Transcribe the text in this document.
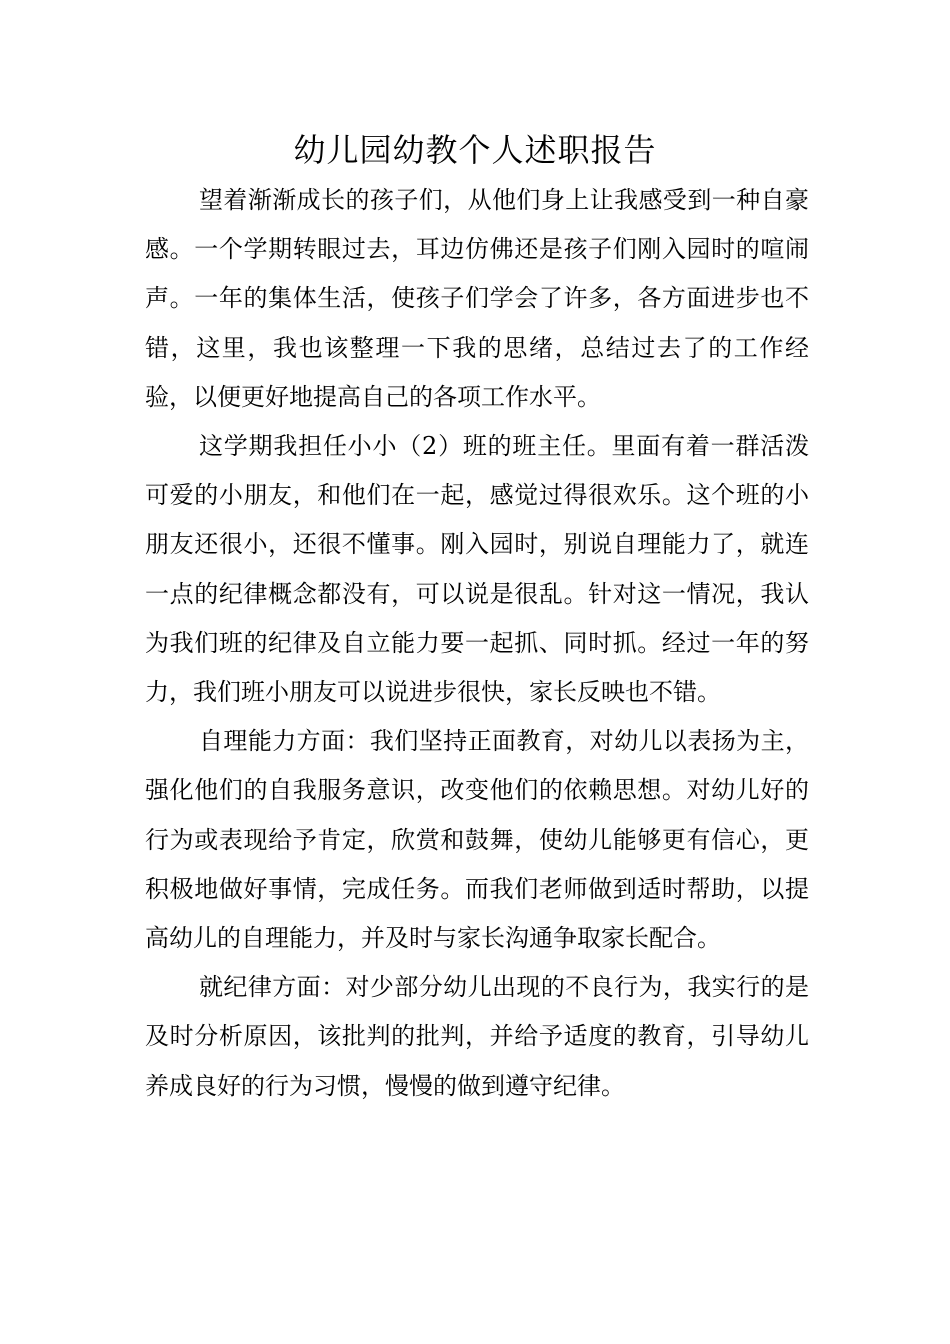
幼儿园幼教个人述职报告

望着渐渐成长的孩子们，从他们身上让我感受到一种自豪感。一个学期转眼过去，耳边仿佛还是孩子们刚入园时的喧闹声。一年的集体生活，使孩子们学会了许多，各方面进步也不错，这里，我也该整理一下我的思绪，总结过去了的工作经验，以便更好地提高自己的各项工作水平。

这学期我担任小小（2）班的班主任。里面有着一群活泼可爱的小朋友，和他们在一起，感觉过得很欢乐。这个班的小朋友还很小，还很不懂事。刚入园时，别说自理能力了，就连一点的纪律概念都没有，可以说是很乱。针对这一情况，我认为我们班的纪律及自立能力要一起抓、同时抓。经过一年的努力，我们班小朋友可以说进步很快，家长反映也不错。

自理能力方面：我们坚持正面教育，对幼儿以表扬为主，强化他们的自我服务意识，改变他们的依赖思想。对幼儿好的行为或表现给予肯定，欣赏和鼓舞，使幼儿能够更有信心，更积极地做好事情，完成任务。而我们老师做到适时帮助，以提高幼儿的自理能力，并及时与家长沟通争取家长配合。

就纪律方面：对少部分幼儿出现的不良行为，我实行的是及时分析原因，该批判的批判，并给予适度的教育，引导幼儿养成良好的行为习惯，慢慢的做到遵守纪律。
